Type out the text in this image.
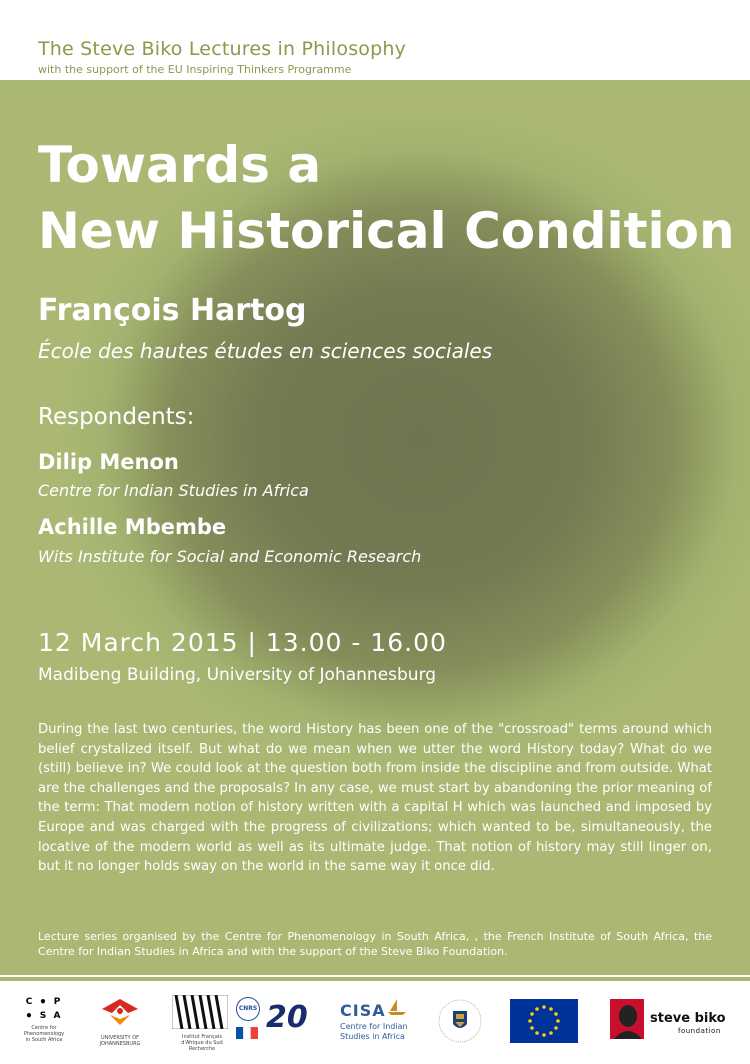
The Steve Biko Lectures in Philosophy
with the support of the EU Inspiring Thinkers Programme
Towards a
New Historical Condition
François Hartog
École des hautes études en sciences sociales
Respondents:
Dilip Menon
Centre for Indian Studies in Africa
Achille Mbembe
Wits Institute for Social and Economic Research
12 March 2015 | 13.00 - 16.00
Madibeng Building, University of Johannesburg
During the last two centuries, the word History has been one of the "crossroad" terms around which belief crystalized itself. But what do we mean when we utter the word History today? What do we (still) believe in? We could look at the question both from inside the discipline and from outside. What are the challenges and the proposals? In any case, we must start by abandoning the prior meaning of the term: That modern notion of history written with a capital H which was launched and imposed by Europe and was charged with the progress of civilizations; which wanted to be, simultaneously, the locative of the modern world as well as its ultimate judge. That notion of history may still linger on, but it no longer holds sway on the world in the same way it once did.
Lecture series organised by the Centre for Phenomenology in South Africa, , the French Institute of South Africa, the Centre for Indian Studies in Africa and with the support of the Steve Biko Foundation.
C • P
• S A
Centre for Phenomenology in South Africa	UNIVERSITY OF JOHANNESBURG
Institut Français d'Afrique du Sud Recherche
CNRS 20	CISA
Centre for Indian
Studies in Africa
steve biko
foundation
